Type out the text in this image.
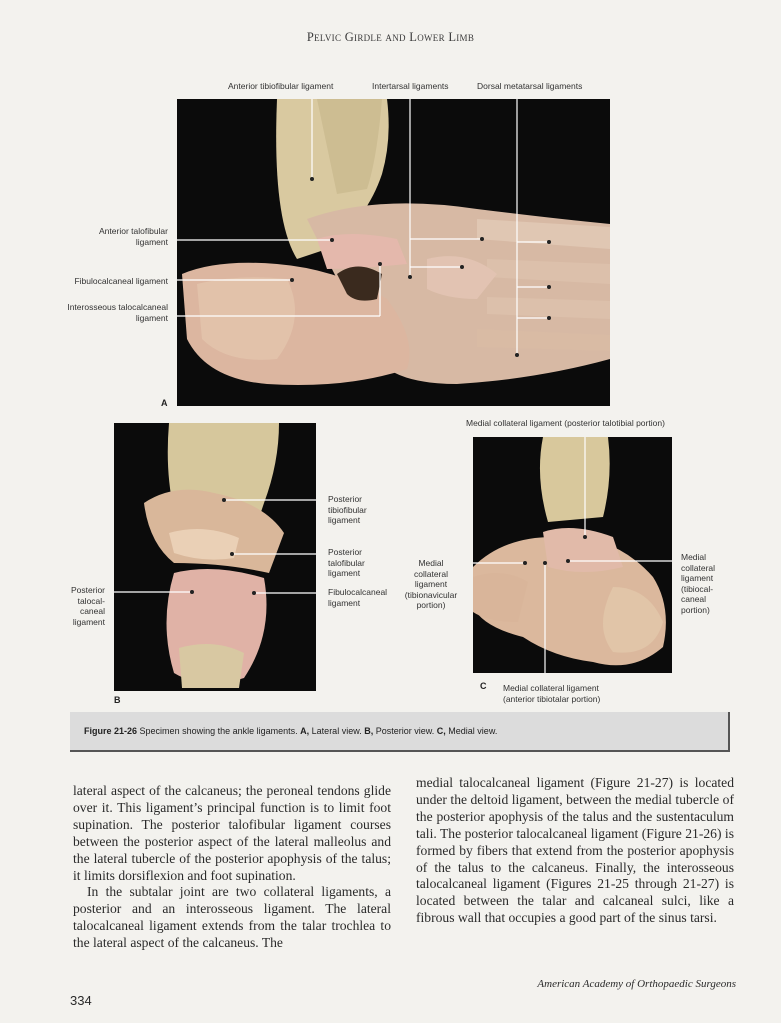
Pelvic Girdle and Lower Limb
Anterior tibiofibular ligament	Intertarsal ligaments	Dorsal metatarsal ligaments
Anterior talofibular
ligament
Fibulocalcaneal ligament
Interosseous talocalcaneal
ligament
A
Posterior
tibiofibular
ligament
Posterior
talofibular
ligament
Fibulocalcaneal
ligament
Posterior
talocal-
caneal
ligament
B
Medial collateral ligament (posterior talotibial portion)
Medial
collateral
ligament
(tibionavicular
portion)
Medial
collateral
ligament
(tibiocal-
caneal
portion)
Medial collateral ligament
(anterior tibiotalar portion)
C
Figure 21-26 Specimen showing the ankle ligaments. A, Lateral view. B, Posterior view. C, Medial view.

lateral aspect of the calcaneus; the peroneal tendons glide over it. This ligament’s principal function is to limit foot supination. The posterior talofibular ligament courses between the posterior aspect of the lateral malleolus and the lateral tubercle of the posterior apophysis of the talus; it limits dorsiflexion and foot supination.

In the subtalar joint are two collateral ligaments, a posterior and an interosseous ligament. The lateral talocalcaneal ligament extends from the talar trochlea to the lateral aspect of the calcaneus. The

medial talocalcaneal ligament (Figure 21-27) is located under the deltoid ligament, between the medial tubercle of the posterior apophysis of the talus and the sustentaculum tali. The posterior talocalcaneal ligament (Figure 21-26) is formed by fibers that extend from the posterior apophysis of the talus to the calcaneus. Finally, the interosseous talocalcaneal ligament (Figures 21-25 through 21-27) is located between the talar and calcaneal sulci, like a fibrous wall that occupies a good part of the sinus tarsi.

American Academy of Orthopaedic Surgeons
334
